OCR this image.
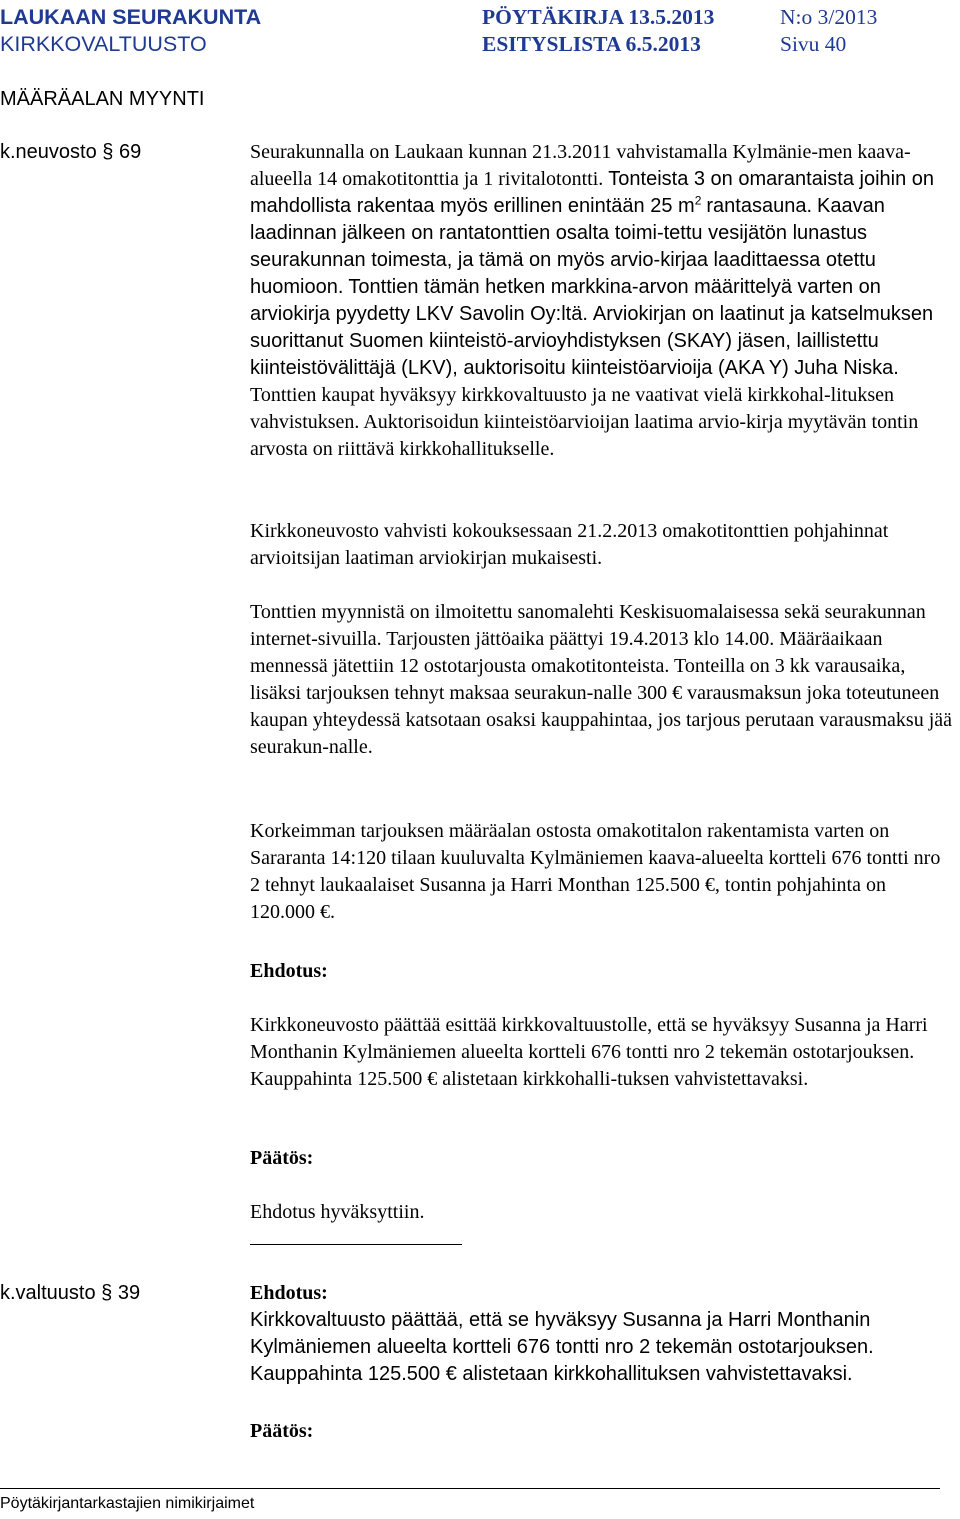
LAUKAAN SEURAKUNTA
KIRKKOVALTUUSTO
PÖYTÄKIRJA 13.5.2013
ESITYSLISTA 6.5.2013
N:o 3/2013
Sivu 40
MÄÄRÄALAN MYYNTI
k.neuvosto § 69	Seurakunnalla on Laukaan kunnan 21.3.2011 vahvistamalla Kylmänie-men kaava-alueella 14 omakotitonttia ja 1 rivitalotontti. Tonteista 3 on omarantaista joihin on mahdollista rakentaa myös erillinen enintään 25 $m^2$ rantasauna. Kaavan laadinnan jälkeen on rantatonttien osalta toimi-tettu vesijätön lunastus seurakunnan toimesta, ja tämä on myös arvio-kirjaa laadittaessa otettu huomioon. Tonttien tämän hetken markkina-arvon määrittelyä varten on arviokirja pyydetty LKV Savolin Oy:ltä. Arviokirjan on laatinut ja katselmuksen suorittanut Suomen kiinteistö-arvioyhdistyksen (SKAY) jäsen, laillistettu kiinteistövälittäjä (LKV), auktorisoitu kiinteistöarvioija (AKA Y) Juha Niska. Tonttien kaupat hyväksyy kirkkovaltuusto ja ne vaativat vielä kirkkohal-lituksen vahvistuksen. Auktorisoidun kiinteistöarvioijan laatima arvio-kirja myytävän tontin arvosta on riittävä kirkkohallitukselle.
Kirkkoneuvosto vahvisti kokouksessaan 21.2.2013 omakotitonttien pohjahinnat arvioitsijan laatiman arviokirjan mukaisesti.
Tonttien myynnistä on ilmoitettu sanomalehti Keskisuomalaisessa sekä seurakunnan internet-sivuilla. Tarjousten jättöaika päättyi 19.4.2013 klo 14.00. Määräaikaan mennessä jätettiin 12 ostotarjousta omakotitonteista. Tonteilla on 3 kk varausaika, lisäksi tarjouksen tehnyt maksaa seurakun-nalle 300 € varausmaksun joka toteutuneen kaupan yhteydessä katsotaan osaksi kauppahintaa, jos tarjous perutaan varausmaksu jää seurakun-nalle.
Korkeimman tarjouksen määräalan ostosta omakotitalon rakentamista varten on Sararanta 14:120 tilaan kuuluvalta Kylmäniemen kaava-alueelta kortteli 676 tontti nro 2 tehnyt laukaalaiset Susanna ja Harri Monthan 125.500 €, tontin pohjahinta on 120.000 €.
Ehdotus:
Kirkkoneuvosto päättää esittää kirkkovaltuustolle, että se hyväksyy Susanna ja Harri Monthanin Kylmäniemen alueelta kortteli 676 tontti nro 2 tekemän ostotarjouksen. Kauppahinta 125.500 € alistetaan kirkkohalli-tuksen vahvistettavaksi.
Päätös:
Ehdotus hyväksyttiin.
k.valtuusto § 39	Ehdotus:
Kirkkovaltuusto päättää, että se hyväksyy Susanna ja Harri Monthanin Kylmäniemen alueelta kortteli 676 tontti nro 2 tekemän ostotarjouksen. Kauppahinta 125.500 € alistetaan kirkkohallituksen vahvistettavaksi.
Päätös:
Pöytäkirjantarkastajien nimikirjaimet
